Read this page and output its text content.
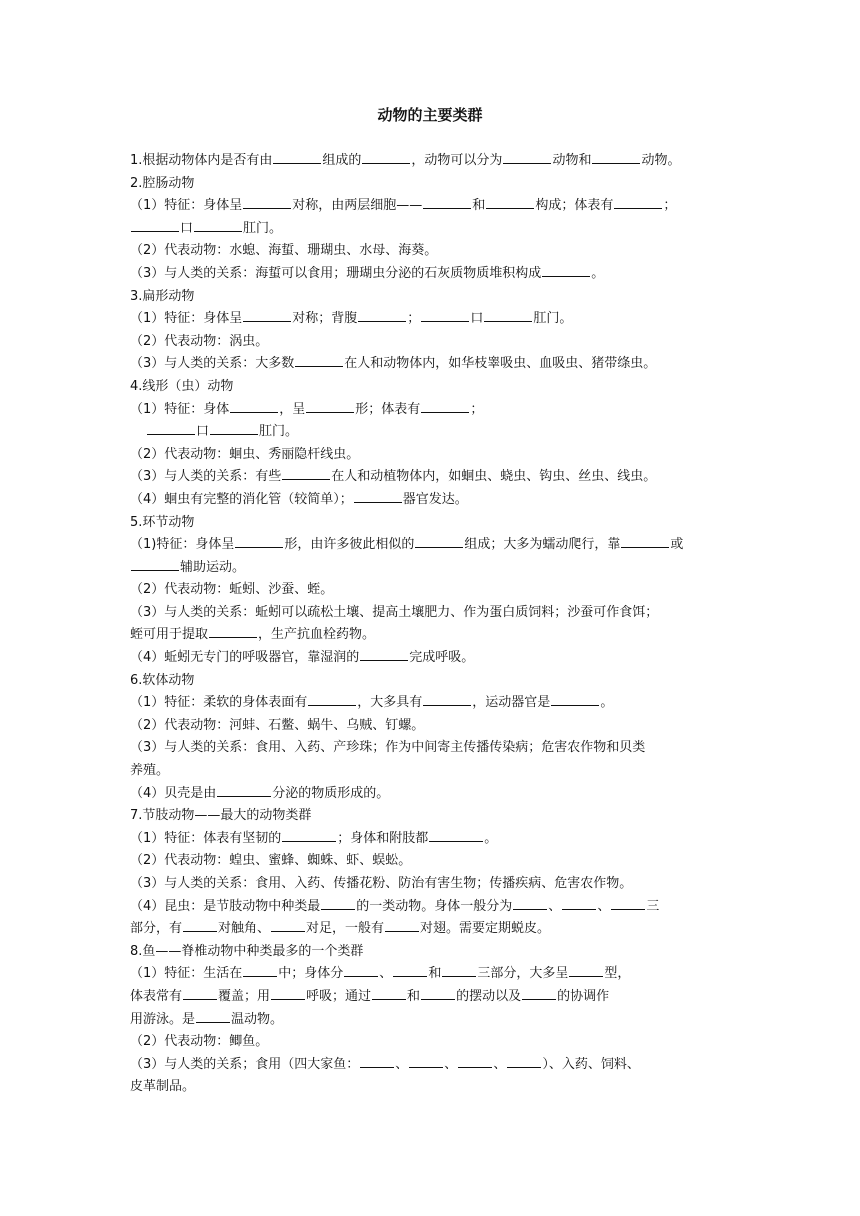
动物的主要类群
1.根据动物体内是否有由	组成的	，动物可以分为	动物和	动物。
2.腔肠动物
（1）特征：身体呈	对称，由两层细胞——	和	构成；体表有	；
口	肛门。
（2）代表动物：水螅、海蜇、珊瑚虫、水母、海葵。
（3）与人类的关系：海蜇可以食用；珊瑚虫分泌的石灰质物质堆积构成	。
3.扁形动物
（1）特征：身体呈	对称；背腹	；	口	肛门。
（2）代表动物：涡虫。
（3）与人类的关系：大多数	在人和动物体内，如华枝睾吸虫、血吸虫、猪带绦虫。
4.线形（虫）动物
（1）特征：身体	，呈	形；体表有	；
口	肛门。
（2）代表动物：蛔虫、秀丽隐杆线虫。
（3）与人类的关系：有些	在人和动植物体内，如蛔虫、蛲虫、钩虫、丝虫、线虫。
（4）蛔虫有完整的消化管（较简单）；	器官发达。
5.环节动物
（1)特征：身体呈	形，由许多彼此相似的	组成；大多为蠕动爬行，靠	或
辅助运动。
（2）代表动物：蚯蚓、沙蚕、蛭。
（3）与人类的关系：蚯蚓可以疏松土壤、提高土壤肥力、作为蛋白质饲料；沙蚕可作食饵；
蛭可用于提取	，生产抗血栓药物。
（4）蚯蚓无专门的呼吸器官，靠湿润的	完成呼吸。
6.软体动物
（1）特征：柔软的身体表面有	，大多具有	，运动器官是	。
（2）代表动物：河蚌、石鳖、蜗牛、乌贼、钉螺。
（3）与人类的关系：食用、入药、产珍珠；作为中间寄主传播传染病；危害农作物和贝类
养殖。
（4）贝壳是由	分泌的物质形成的。
7.节肢动物——最大的动物类群
（1）特征：体表有坚韧的	；身体和附肢都	。
（2）代表动物：蝗虫、蜜蜂、蜘蛛、虾、蜈蚣。
（3）与人类的关系：食用、入药、传播花粉、防治有害生物；传播疾病、危害农作物。
（4）昆虫：是节肢动物中种类最	的一类动物。身体一般分为	、	、	三
部分，有	对触角、	对足，一般有	对翅。需要定期蜕皮。
8.鱼——脊椎动物中种类最多的一个类群
（1）特征：生活在	中；身体分	、	和	三部分，大多呈	型，
体表常有	覆盖；用	呼吸；通过	和	的摆动以及	的协调作
用游泳。是	温动物。
（2）代表动物：鲫鱼。
（3）与人类的关系；食用（四大家鱼：	、	、	、	）、入药、饲料、
皮革制品。
